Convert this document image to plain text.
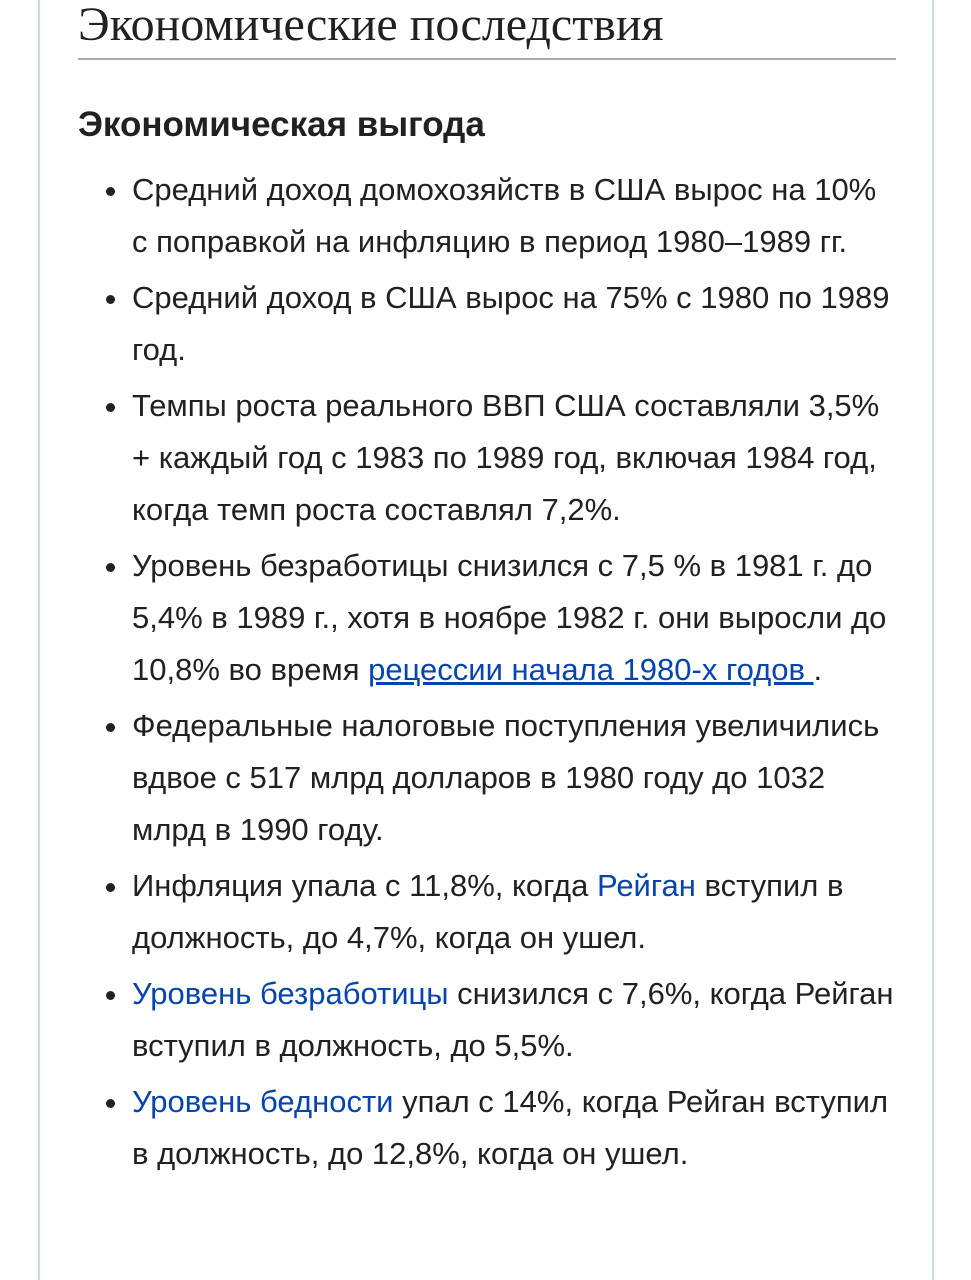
Экономические последствия
Экономическая выгода
Средний доход домохозяйств в США вырос на 10% с поправкой на инфляцию в период 1980–1989 гг.
Средний доход в США вырос на 75% с 1980 по 1989 год.
Темпы роста реального ВВП США составляли 3,5% + каждый год с 1983 по 1989 год, включая 1984 год, когда темп роста составлял 7,2%.
Уровень безработицы снизился с 7,5 % в 1981 г. до 5,4% в 1989 г., хотя в ноябре 1982 г. они выросли до 10,8% во время рецессии начала 1980-х годов .
Федеральные налоговые поступления увеличились вдвое с 517 млрд долларов в 1980 году до 1032 млрд в 1990 году.
Инфляция упала с 11,8%, когда Рейган вступил в должность, до 4,7%, когда он ушел.
Уровень безработицы снизился с 7,6%, когда Рейган вступил в должность, до 5,5%.
Уровень бедности упал с 14%, когда Рейган вступил в должность, до 12,8%, когда он ушел.
